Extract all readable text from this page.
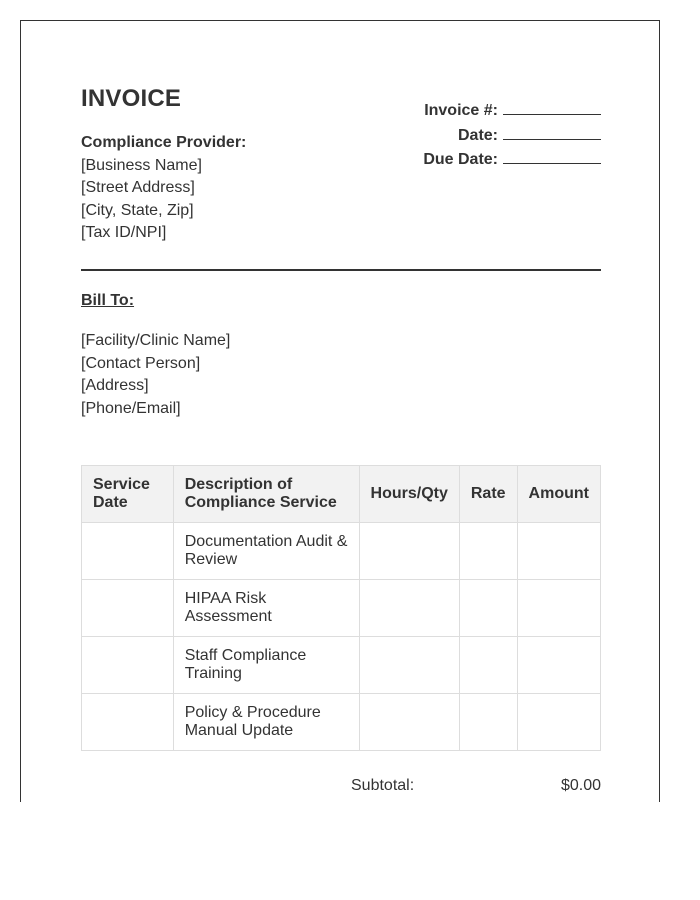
INVOICE
Compliance Provider:
[Business Name]
[Street Address]
[City, State, Zip]
[Tax ID/NPI]
Invoice #:
Date:
Due Date:
Bill To:
[Facility/Clinic Name]
[Contact Person]
[Address]
[Phone/Email]
Service Date	Description of Compliance Service	Hours/Qty	Rate	Amount
	Documentation Audit & Review			
	HIPAA Risk Assessment			
	Staff Compliance Training			
	Policy & Procedure Manual Update			
Subtotal:	$0.00
